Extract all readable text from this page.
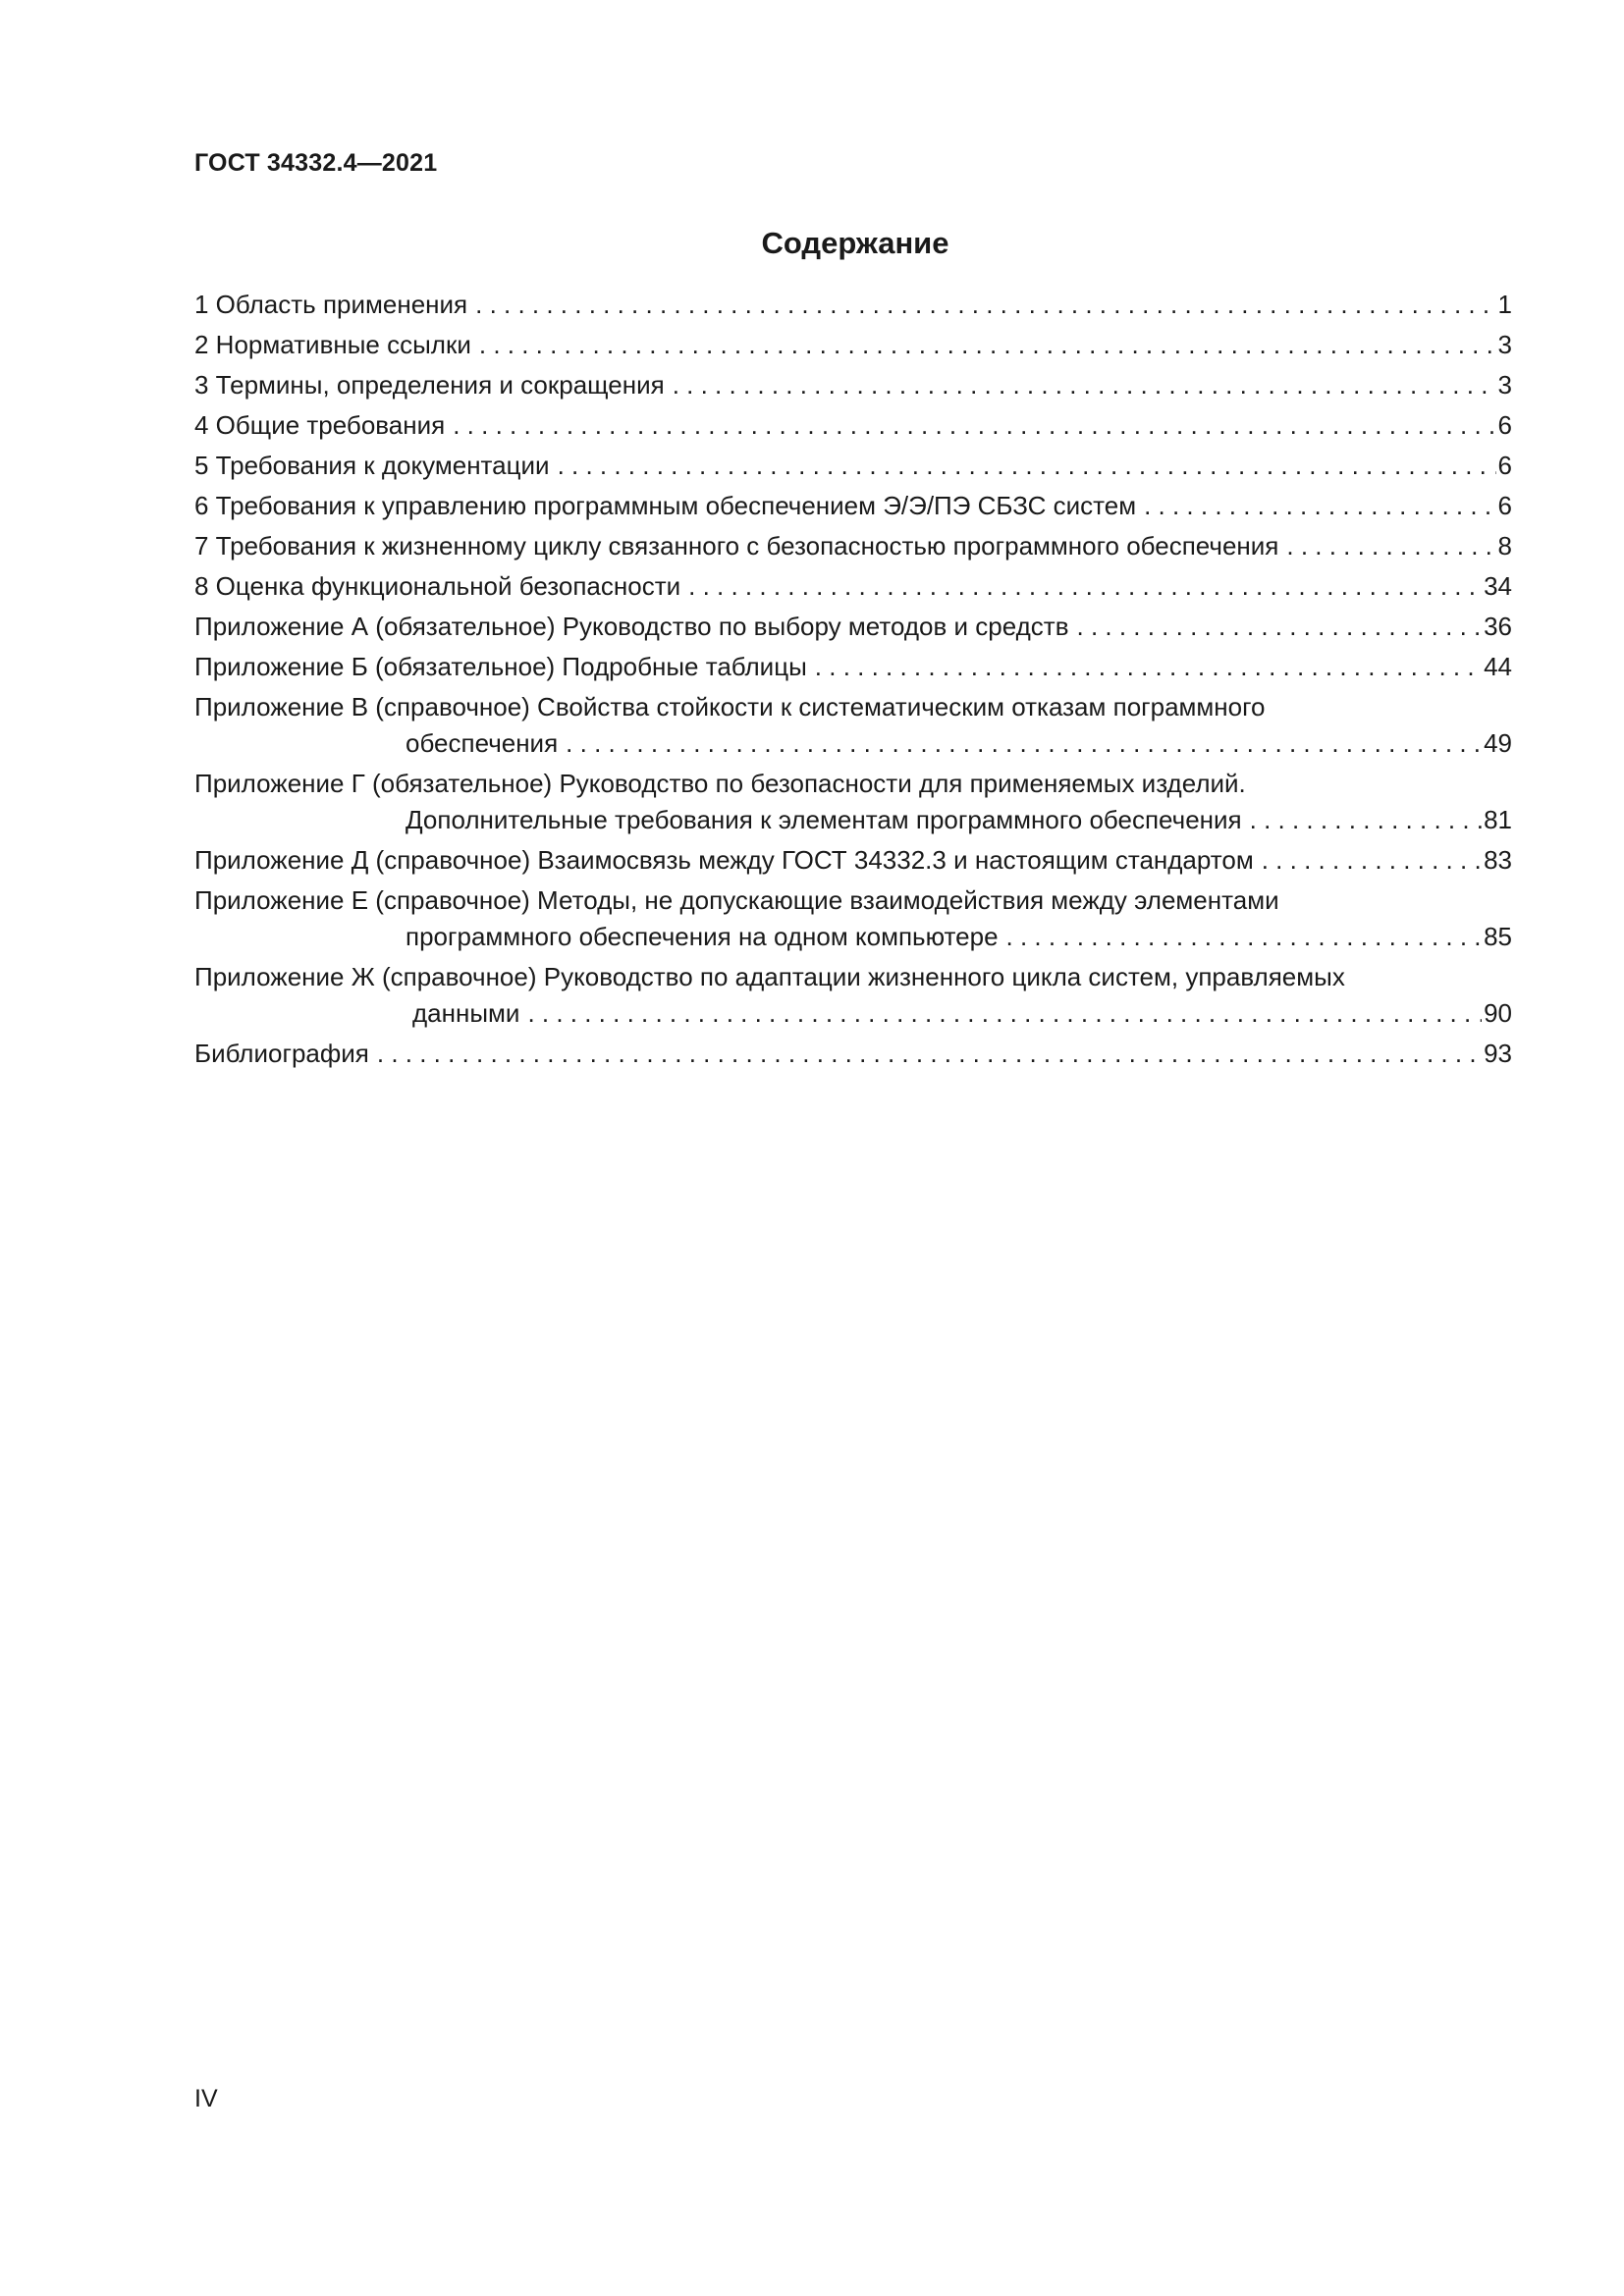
ГОСТ 34332.4—2021
Содержание
1 Область применения . . .	1
2 Нормативные ссылки . . .	3
3 Термины, определения и сокращения . . .	3
4 Общие требования . . .	6
5 Требования к документации . . .	6
6 Требования к управлению программным обеспечением Э/Э/ПЭ СБЗС систем . . .	6
7 Требования к жизненному циклу связанного с безопасностью программного обеспечения . . .	8
8 Оценка функциональной безопасности . . .	34
Приложение А (обязательное) Руководство по выбору методов и средств . . .	36
Приложение Б (обязательное) Подробные таблицы . . .	44
Приложение В (справочное) Свойства стойкости к систематическим отказам пограммного
обеспечения . . .	49
Приложение Г (обязательное) Руководство по безопасности для применяемых изделий.
Дополнительные требования к элементам программного обеспечения . . .	81
Приложение Д (справочное) Взаимосвязь между ГОСТ 34332.3 и настоящим стандартом . . .	83
Приложение Е (справочное) Методы, не допускающие взаимодействия между элементами
программного обеспечения на одном компьютере . . .	85
Приложение Ж (справочное) Руководство по адаптации жизненного цикла систем, управляемых
данными . . .	90
Библиография . . .	93
IV
